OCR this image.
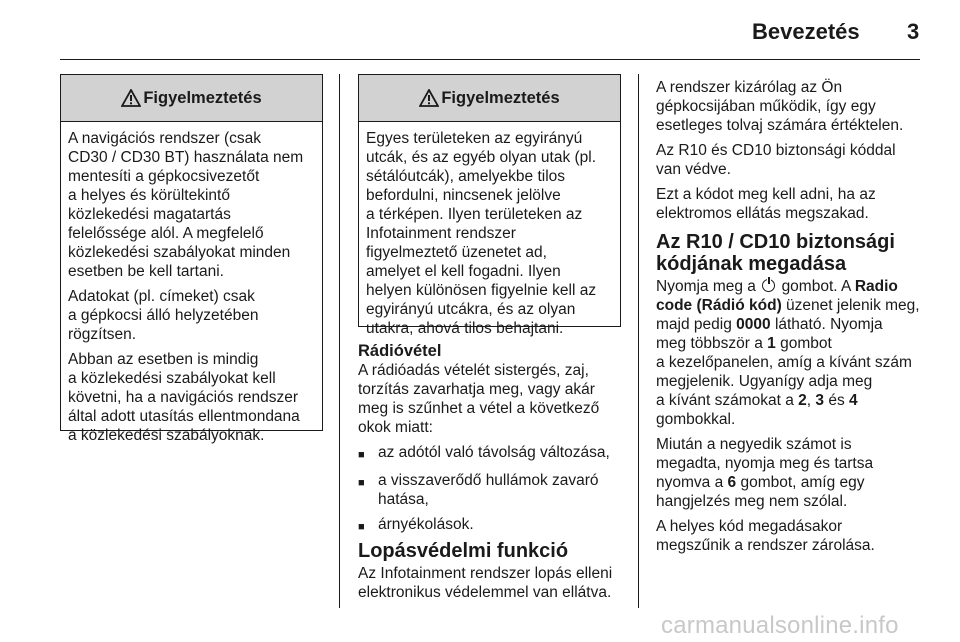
Bevezetés 3
Figyelmeztetés

A navigációs rendszer (csak
CD30 / CD30 BT) használata nem
mentesíti a gépkocsivezetőt
a helyes és körültekintő
közlekedési magatartás
felelőssége alól. A megfelelő
közlekedési szabályokat minden
esetben be kell tartani.

Adatokat (pl. címeket) csak
a gépkocsi álló helyzetében
rögzítsen.

Abban az esetben is mindig
a közlekedési szabályokat kell
követni, ha a navigációs rendszer
által adott utasítás ellentmondana
a közlekedési szabályoknak.

Figyelmeztetés

Egyes területeken az egyirányú
utcák, és az egyéb olyan utak (pl.
sétálóutcák), amelyekbe tilos
befordulni, nincsenek jelölve
a térképen. Ilyen területeken az
Infotainment rendszer
figyelmeztető üzenetet ad,
amelyet el kell fogadni. Ilyen
helyen különösen figyelnie kell az
egyirányú utcákra, és az olyan
utakra, ahová tilos behajtani.

Rádióvétel

A rádióadás vételét sistergés, zaj,
torzítás zavarhatja meg, vagy akár
meg is szűnhet a vétel a következő
okok miatt:

■ az adótól való távolság változása,
■ a visszaverődő hullámok zavaró
hatása,
■ árnyékolások.

Lopásvédelmi funkció

Az Infotainment rendszer lopás elleni
elektronikus védelemmel van ellátva.

A rendszer kizárólag az Ön
gépkocsijában működik, így egy
esetleges tolvaj számára értéktelen.

Az R10 és CD10 biztonsági kóddal
van védve.

Ezt a kódot meg kell adni, ha az
elektromos ellátás megszakad.

Az R10 / CD10 biztonsági
kódjának megadása

Nyomja meg a gombot. A Radio
code (Rádió kód) üzenet jelenik meg,
majd pedig 0000 látható. Nyomja
meg többször a 1 gombot
a kezelőpanelen, amíg a kívánt szám
megjelenik. Ugyanígy adja meg
a kívánt számokat a 2, 3 és 4
gombokkal.

Miután a negyedik számot is
megadta, nyomja meg és tartsa
nyomva a 6 gombot, amíg egy
hangjelzés meg nem szólal.

A helyes kód megadásakor
megszűnik a rendszer zárolása.

carmanualsonline.info
